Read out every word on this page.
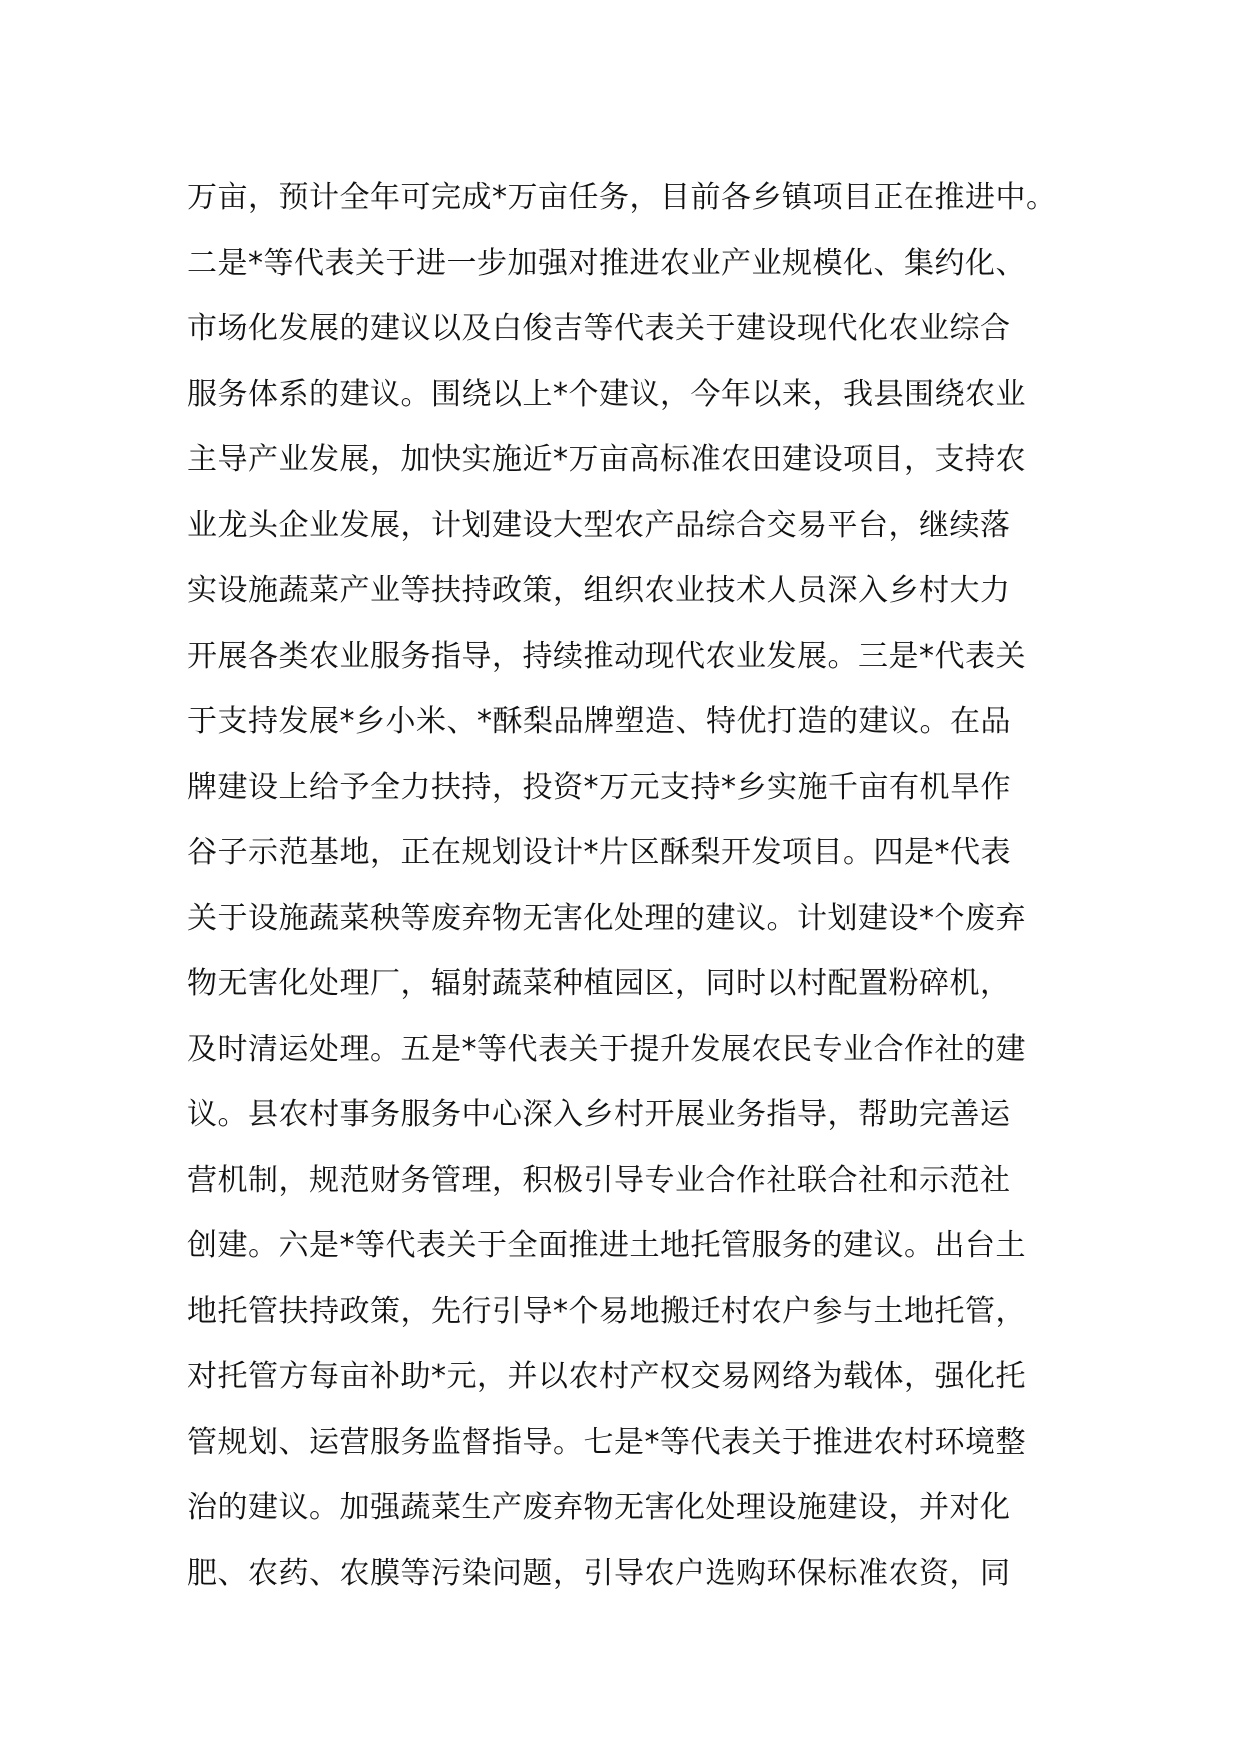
万亩，预计全年可完成*万亩任务，目前各乡镇项目正在推进中。
二是*等代表关于进一步加强对推进农业产业规模化、集约化、
市场化发展的建议以及白俊吉等代表关于建设现代化农业综合
服务体系的建议。围绕以上*个建议，今年以来，我县围绕农业
主导产业发展，加快实施近*万亩高标准农田建设项目，支持农
业龙头企业发展，计划建设大型农产品综合交易平台，继续落
实设施蔬菜产业等扶持政策，组织农业技术人员深入乡村大力
开展各类农业服务指导，持续推动现代农业发展。三是*代表关
于支持发展*乡小米、*酥梨品牌塑造、特优打造的建议。在品
牌建设上给予全力扶持，投资*万元支持*乡实施千亩有机旱作
谷子示范基地，正在规划设计*片区酥梨开发项目。四是*代表
关于设施蔬菜秧等废弃物无害化处理的建议。计划建设*个废弃
物无害化处理厂，辐射蔬菜种植园区，同时以村配置粉碎机，
及时清运处理。五是*等代表关于提升发展农民专业合作社的建
议。县农村事务服务中心深入乡村开展业务指导，帮助完善运
营机制，规范财务管理，积极引导专业合作社联合社和示范社
创建。六是*等代表关于全面推进土地托管服务的建议。出台土
地托管扶持政策，先行引导*个易地搬迁村农户参与土地托管，
对托管方每亩补助*元，并以农村产权交易网络为载体，强化托
管规划、运营服务监督指导。七是*等代表关于推进农村环境整
治的建议。加强蔬菜生产废弃物无害化处理设施建设，并对化
肥、农药、农膜等污染问题，引导农户选购环保标准农资，同
